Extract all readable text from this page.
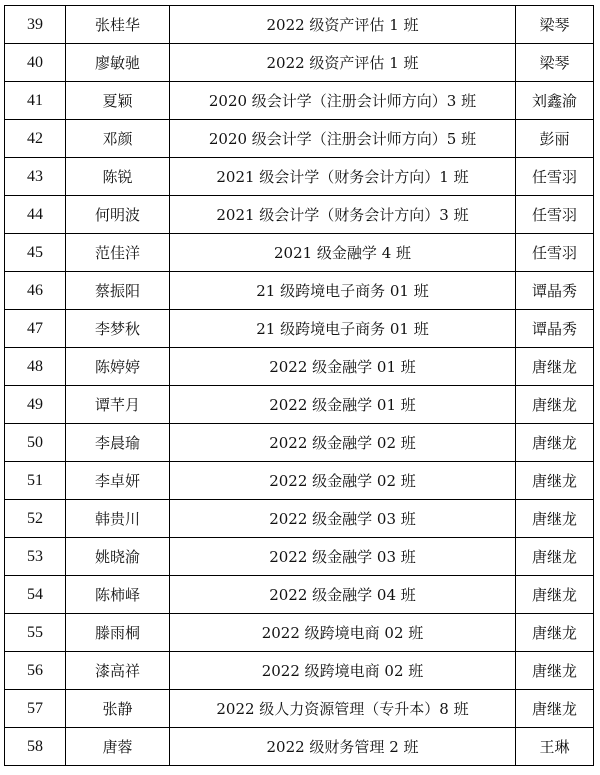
39	张桂华	2022 级资产评估 1 班	梁琴
40	廖敏驰	2022 级资产评估 1 班	梁琴
41	夏颖	2020 级会计学（注册会计师方向）3 班	刘鑫渝
42	邓颜	2020 级会计学（注册会计师方向）5 班	彭丽
43	陈锐	2021 级会计学（财务会计方向）1 班	任雪羽
44	何明波	2021 级会计学（财务会计方向）3 班	任雪羽
45	范佳洋	2021 级金融学 4 班	任雪羽
46	蔡振阳	21 级跨境电子商务 01 班	谭晶秀
47	李梦秋	21 级跨境电子商务 01 班	谭晶秀
48	陈婷婷	2022 级金融学 01 班	唐继龙
49	谭芊月	2022 级金融学 01 班	唐继龙
50	李晨瑜	2022 级金融学 02 班	唐继龙
51	李卓妍	2022 级金融学 02 班	唐继龙
52	韩贵川	2022 级金融学 03 班	唐继龙
53	姚晓渝	2022 级金融学 03 班	唐继龙
54	陈柿峄	2022 级金融学 04 班	唐继龙
55	滕雨桐	2022 级跨境电商 02 班	唐继龙
56	漆高祥	2022 级跨境电商 02 班	唐继龙
57	张静	2022 级人力资源管理（专升本）8 班	唐继龙
58	唐蓉	2022 级财务管理 2 班	王琳
